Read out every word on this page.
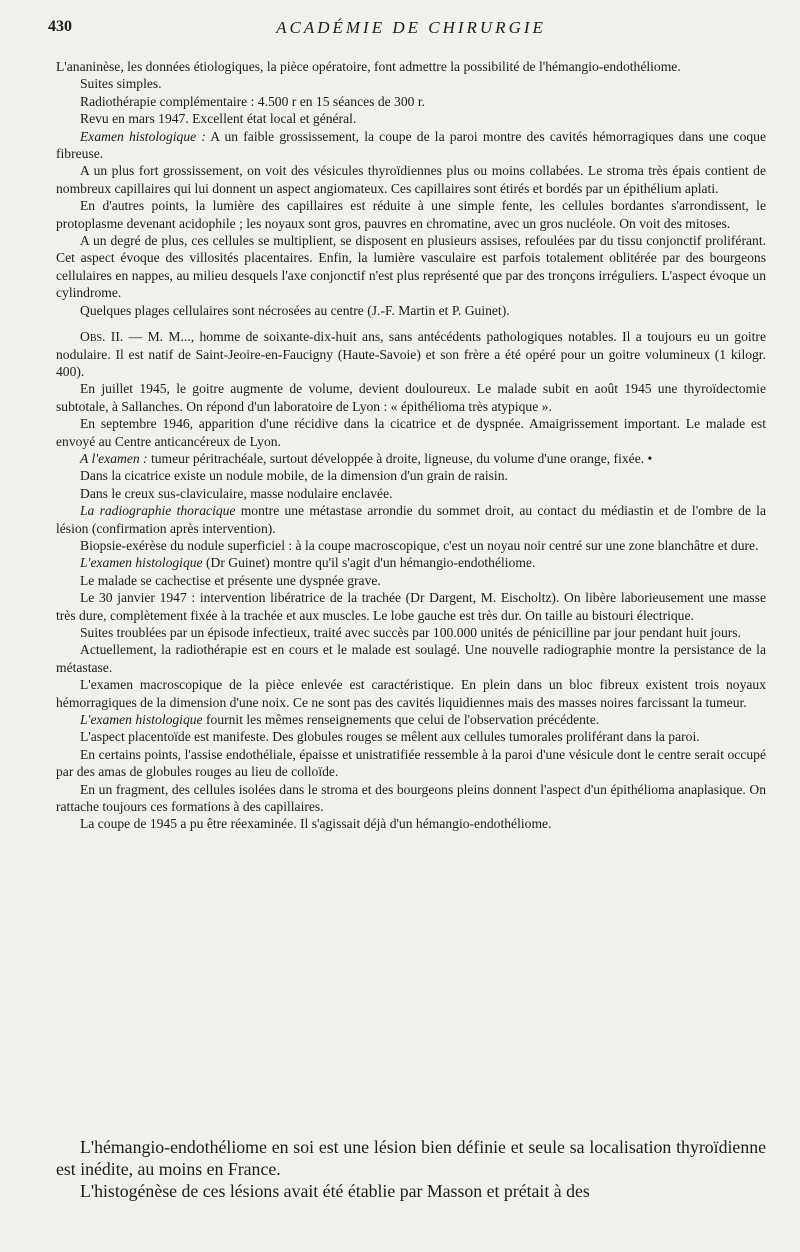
430	ACADÉMIE DE CHIRURGIE

L'ananinèse, les données étiologiques, la pièce opératoire, font admettre la possibilité de l'hémangio-endothéliome.

Suites simples.

Radiothérapie complémentaire : 4.500 r en 15 séances de 300 r.

Revu en mars 1947. Excellent état local et général.

Examen histologique : A un faible grossissement, la coupe de la paroi montre des cavités hémorragiques dans une coque fibreuse.

A un plus fort grossissement, on voit des vésicules thyroïdiennes plus ou moins collabées. Le stroma très épais contient de nombreux capillaires qui lui donnent un aspect angiomateux. Ces capillaires sont étirés et bordés par un épithélium aplati.

En d'autres points, la lumière des capillaires est réduite à une simple fente, les cellules bordantes s'arrondissent, le protoplasme devenant acidophile ; les noyaux sont gros, pauvres en chromatine, avec un gros nucléole. On voit des mitoses.

A un degré de plus, ces cellules se multiplient, se disposent en plusieurs assises, refoulées par du tissu conjonctif proliférant. Cet aspect évoque des villosités placentaires. Enfin, la lumière vasculaire est parfois totalement oblitérée par des bourgeons cellulaires en nappes, au milieu desquels l'axe conjonctif n'est plus représenté que par des tronçons irréguliers. L'aspect évoque un cylindrome.

Quelques plages cellulaires sont nécrosées au centre (J.-F. Martin et P. Guinet).

Obs. II. — M. M..., homme de soixante-dix-huit ans, sans antécédents pathologiques notables. Il a toujours eu un goitre nodulaire. Il est natif de Saint-Jeoire-en-Faucigny (Haute-Savoie) et son frère a été opéré pour un goitre volumineux (1 kilogr. 400).

En juillet 1945, le goitre augmente de volume, devient douloureux. Le malade subit en août 1945 une thyroïdectomie subtotale, à Sallanches. On répond d'un laboratoire de Lyon : « épithélioma très atypique ».

En septembre 1946, apparition d'une récidive dans la cicatrice et de dyspnée. Amaigrissement important. Le malade est envoyé au Centre anticancéreux de Lyon.

A l'examen : tumeur péritrachéale, surtout développée à droite, ligneuse, du volume d'une orange, fixée. •

Dans la cicatrice existe un nodule mobile, de la dimension d'un grain de raisin.

Dans le creux sus-claviculaire, masse nodulaire enclavée.

La radiographie thoracique montre une métastase arrondie du sommet droit, au contact du médiastin et de l'ombre de la lésion (confirmation après intervention).

Biopsie-exérèse du nodule superficiel : à la coupe macroscopique, c'est un noyau noir centré sur une zone blanchâtre et dure.

L'examen histologique (Dr Guinet) montre qu'il s'agit d'un hémangio-endothéliome.

Le malade se cachectise et présente une dyspnée grave.

Le 30 janvier 1947 : intervention libératrice de la trachée (Dr Dargent, M. Eischoltz). On libère laborieusement une masse très dure, complètement fixée à la trachée et aux muscles. Le lobe gauche est très dur. On taille au bistouri électrique.

Suites troublées par un épisode infectieux, traité avec succès par 100.000 unités de pénicilline par jour pendant huit jours.

Actuellement, la radiothérapie est en cours et le malade est soulagé. Une nouvelle radiographie montre la persistance de la métastase.

L'examen macroscopique de la pièce enlevée est caractéristique. En plein dans un bloc fibreux existent trois noyaux hémorragiques de la dimension d'une noix. Ce ne sont pas des cavités liquidiennes mais des masses noires farcissant la tumeur.

L'examen histologique fournit les mêmes renseignements que celui de l'observation précédente.

L'aspect placentoïde est manifeste. Des globules rouges se mêlent aux cellules tumorales proliférant dans la paroi.

En certains points, l'assise endothéliale, épaisse et unistratifiée ressemble à la paroi d'une vésicule dont le centre serait occupé par des amas de globules rouges au lieu de colloïde.

En un fragment, des cellules isolées dans le stroma et des bourgeons pleins donnent l'aspect d'un épithélioma anaplasique. On rattache toujours ces formations à des capillaires.

La coupe de 1945 a pu être réexaminée. Il s'agissait déjà d'un hémangio-endothéliome.

L'hémangio-endothéliome en soi est une lésion bien définie et seule sa localisation thyroïdienne est inédite, au moins en France.

L'histogénèse de ces lésions avait été établie par Masson et prétait à des
